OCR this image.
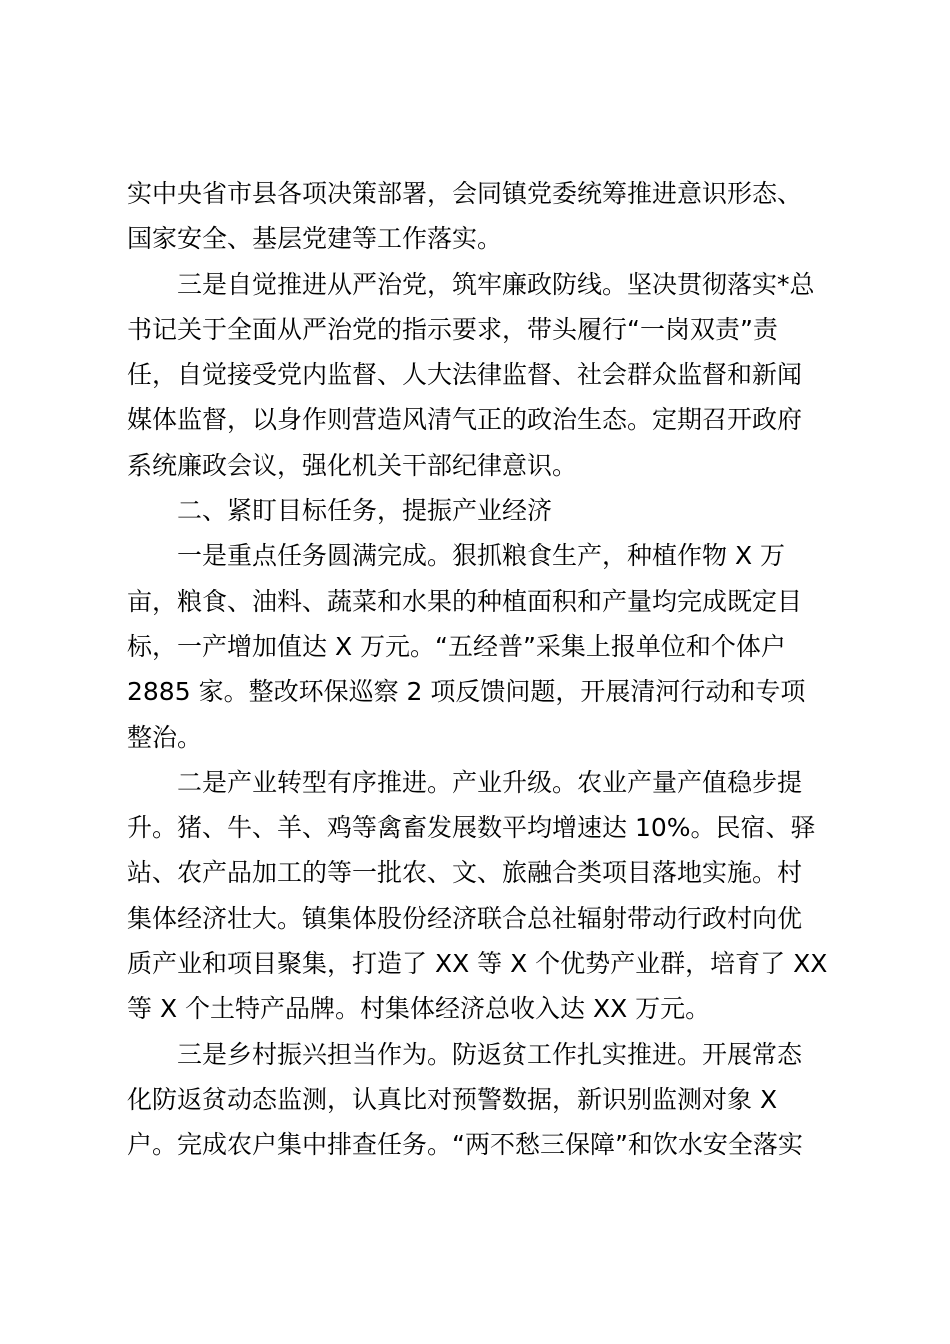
实中央省市县各项决策部署，会同镇党委统筹推进意识形态、
国家安全、基层党建等工作落实。
三是自觉推进从严治党，筑牢廉政防线。坚决贯彻落实*总
书记关于全面从严治党的指示要求，带头履行“一岗双责”责
任，自觉接受党内监督、人大法律监督、社会群众监督和新闻
媒体监督，以身作则营造风清气正的政治生态。定期召开政府
系统廉政会议，强化机关干部纪律意识。
二、紧盯目标任务，提振产业经济
一是重点任务圆满完成。狠抓粮食生产，种植作物 X 万
亩，粮食、油料、蔬菜和水果的种植面积和产量均完成既定目
标，一产增加值达 X 万元。“五经普”采集上报单位和个体户
2885 家。整改环保巡察 2 项反馈问题，开展清河行动和专项
整治。
二是产业转型有序推进。产业升级。农业产量产值稳步提
升。猪、牛、羊、鸡等禽畜发展数平均增速达 10%。民宿、驿
站、农产品加工的等一批农、文、旅融合类项目落地实施。村
集体经济壮大。镇集体股份经济联合总社辐射带动行政村向优
质产业和项目聚集，打造了 XX 等 X 个优势产业群，培育了 XX
等 X 个土特产品牌。村集体经济总收入达 XX 万元。
三是乡村振兴担当作为。防返贫工作扎实推进。开展常态
化防返贫动态监测，认真比对预警数据，新识别监测对象 X
户。完成农户集中排查任务。“两不愁三保障”和饮水安全落实
